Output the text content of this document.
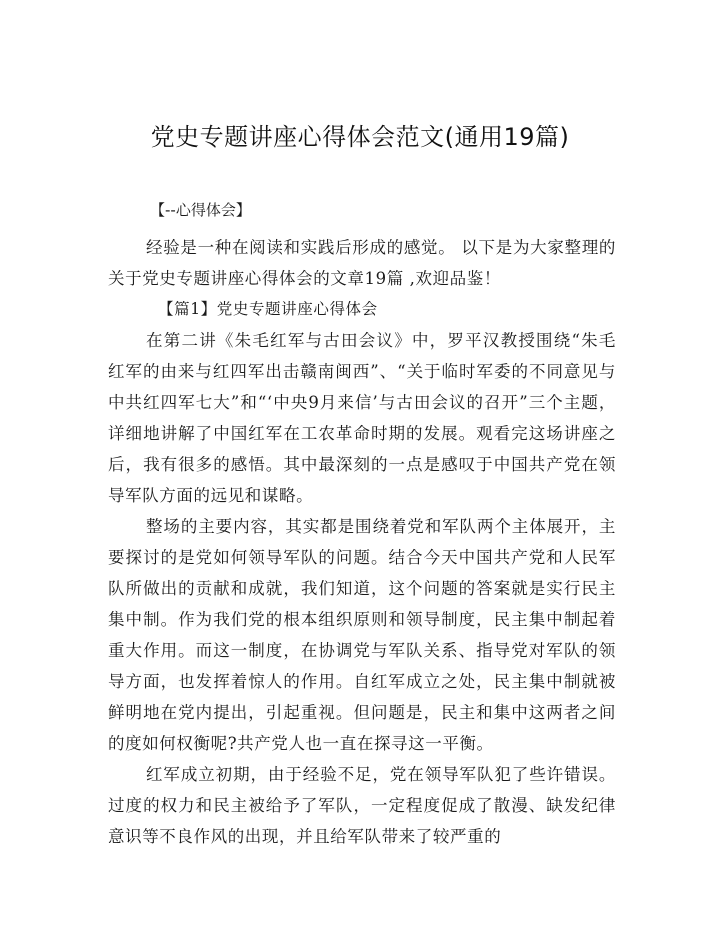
党史专题讲座心得体会范文(通用19篇)
【--心得体会】

经验是一种在阅读和实践后形成的感觉。 以下是为大家整理的关于党史专题讲座心得体会的文章19篇 ,欢迎品鉴！

【篇1】党史专题讲座心得体会

在第二讲《朱毛红军与古田会议》中，罗平汉教授围绕“朱毛红军的由来与红四军出击赣南闽西”、“关于临时军委的不同意见与中共红四军七大”和“‘中央9月来信’与古田会议的召开”三个主题，详细地讲解了中国红军在工农革命时期的发展。观看完这场讲座之后，我有很多的感悟。其中最深刻的一点是感叹于中国共产党在领导军队方面的远见和谋略。

整场的主要内容，其实都是围绕着党和军队两个主体展开，主要探讨的是党如何领导军队的问题。结合今天中国共产党和人民军队所做出的贡献和成就，我们知道，这个问题的答案就是实行民主集中制。作为我们党的根本组织原则和领导制度，民主集中制起着重大作用。而这一制度，在协调党与军队关系、指导党对军队的领导方面，也发挥着惊人的作用。自红军成立之处，民主集中制就被鲜明地在党内提出，引起重视。但问题是，民主和集中这两者之间的度如何权衡呢?共产党人也一直在探寻这一平衡。

红军成立初期，由于经验不足，党在领导军队犯了些许错误。过度的权力和民主被给予了军队，一定程度促成了散漫、缺发纪律意识等不良作风的出现，并且给军队带来了较严重的
